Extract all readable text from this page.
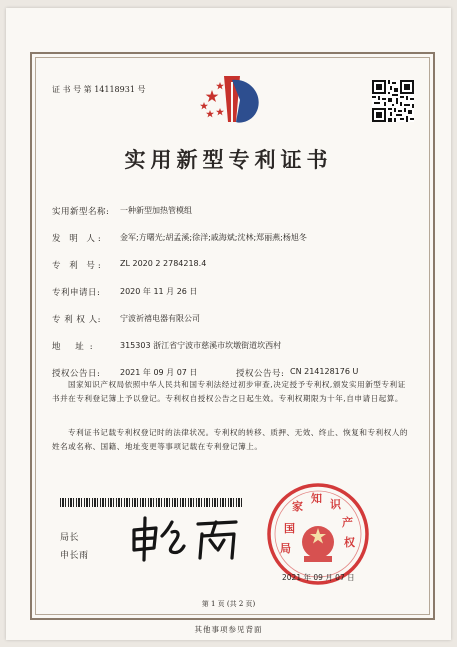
证 书 号 第 14118931 号
实用新型专利证书
实用新型名称: 一种新型加热管模组
发 明 人: 金军;方曙光;胡孟溪;徐洋;戚海斌;沈林;郑丽燕;杨旭冬
专 利 号: ZL 2020 2 2784218.4
专利申请日: 2020 年 11 月 26 日
专 利 权 人: 宁波祈禧电器有限公司
地 址:	315303 浙江省宁波市慈溪市坎墩街道坎西村
授权公告日: 2021 年 09 月 07 日	授权公告号: CN 214128176 U

国家知识产权局依照中华人民共和国专利法经过初步审查,决定授予专利权,颁发实用新型专利证书并在专利登记簿上予以登记。专利权自授权公告之日起生效。专利权期限为十年,自申请日起算。

专利证书记载专利权登记时的法律状况。专利权的转移、质押、无效、终止、恢复和专利权人的姓名或名称、国籍、地址变更等事项记载在专利登记簿上。

局长
申长雨
国
家
知 识
产
权
局
2021 年 09 月 07 日
第 1 页 (共 2 页)
其他事项参见背面
